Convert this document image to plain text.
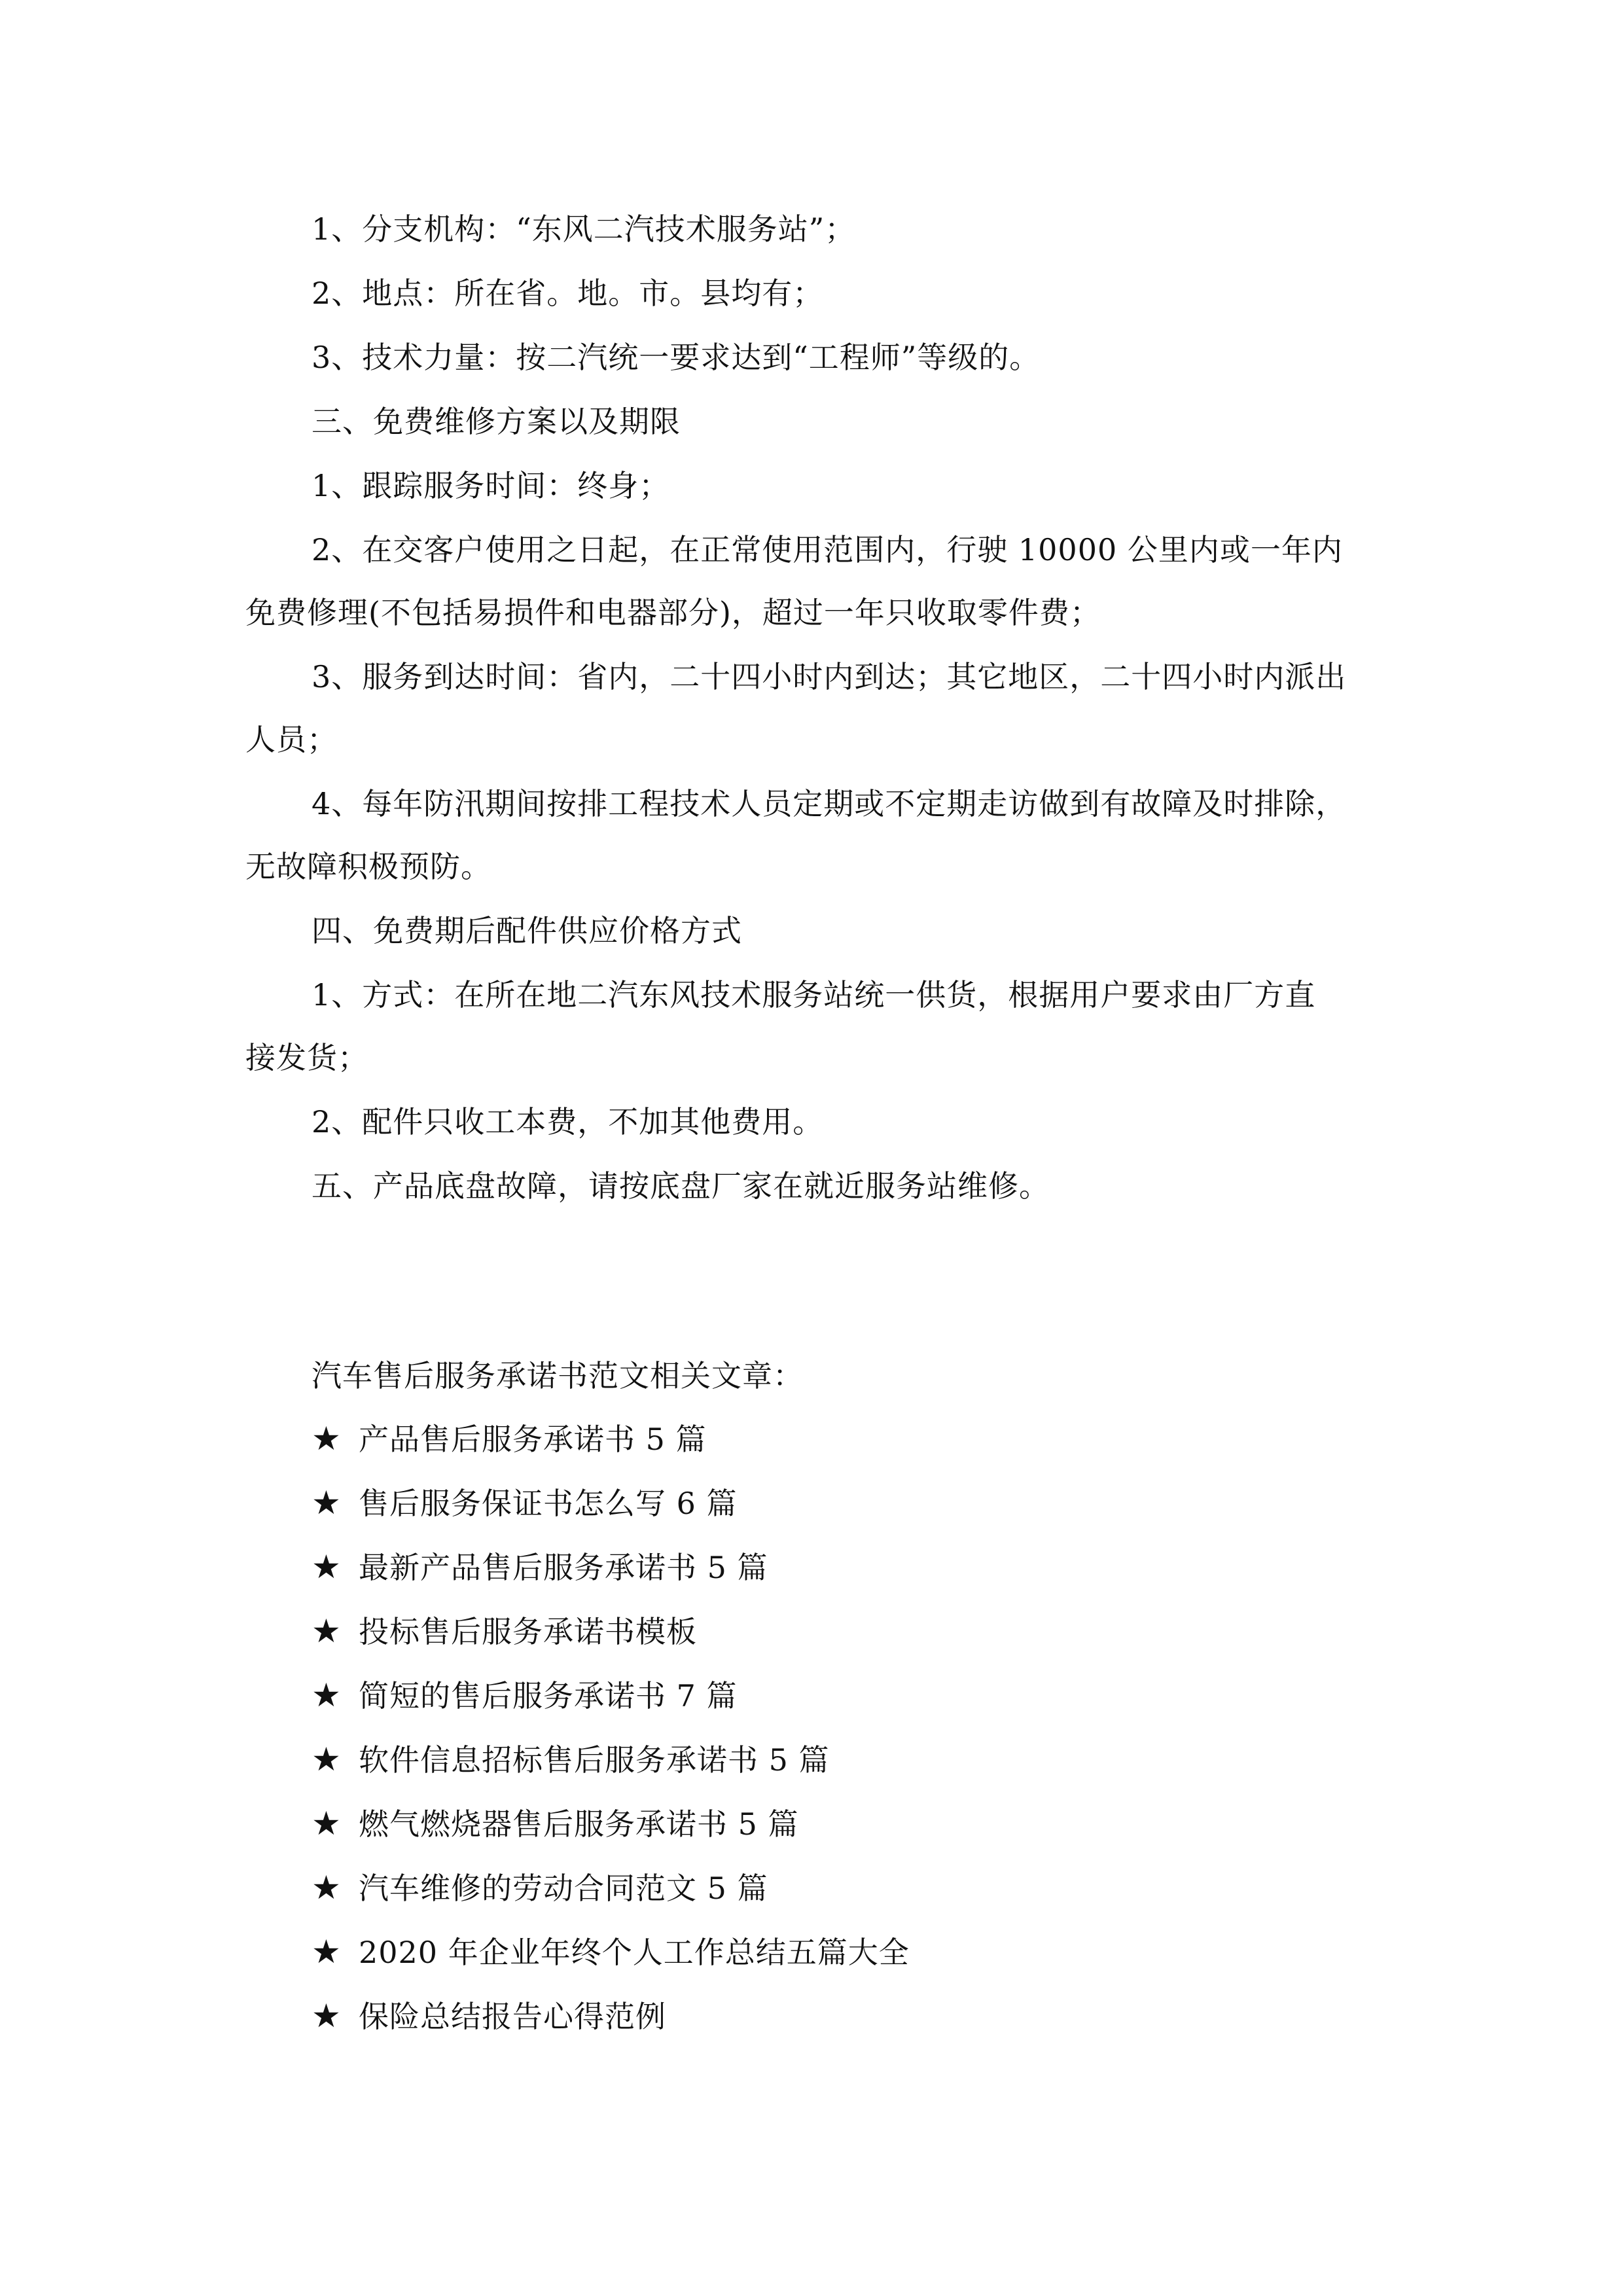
1、分支机构：“东风二汽技术服务站”；
2、地点：所在省。地。市。县均有；
3、技术力量：按二汽统一要求达到“工程师”等级的。
三、免费维修方案以及期限
1、跟踪服务时间：终身；
2、在交客户使用之日起，在正常使用范围内，行驶 10000 公里内或一年内
免费修理(不包括易损件和电器部分)，超过一年只收取零件费；
3、服务到达时间：省内，二十四小时内到达；其它地区，二十四小时内派出
人员；
4、每年防汛期间按排工程技术人员定期或不定期走访做到有故障及时排除，
无故障积极预防。
四、免费期后配件供应价格方式
1、方式：在所在地二汽东风技术服务站统一供货，根据用户要求由厂方直
接发货；
2、配件只收工本费，不加其他费用。
五、产品底盘故障，请按底盘厂家在就近服务站维修。
汽车售后服务承诺书范文相关文章：
★ 产品售后服务承诺书 5 篇
★ 售后服务保证书怎么写 6 篇
★ 最新产品售后服务承诺书 5 篇
★ 投标售后服务承诺书模板
★ 简短的售后服务承诺书 7 篇
★ 软件信息招标售后服务承诺书 5 篇
★ 燃气燃烧器售后服务承诺书 5 篇
★ 汽车维修的劳动合同范文 5 篇
★ 2020 年企业年终个人工作总结五篇大全
★ 保险总结报告心得范例
